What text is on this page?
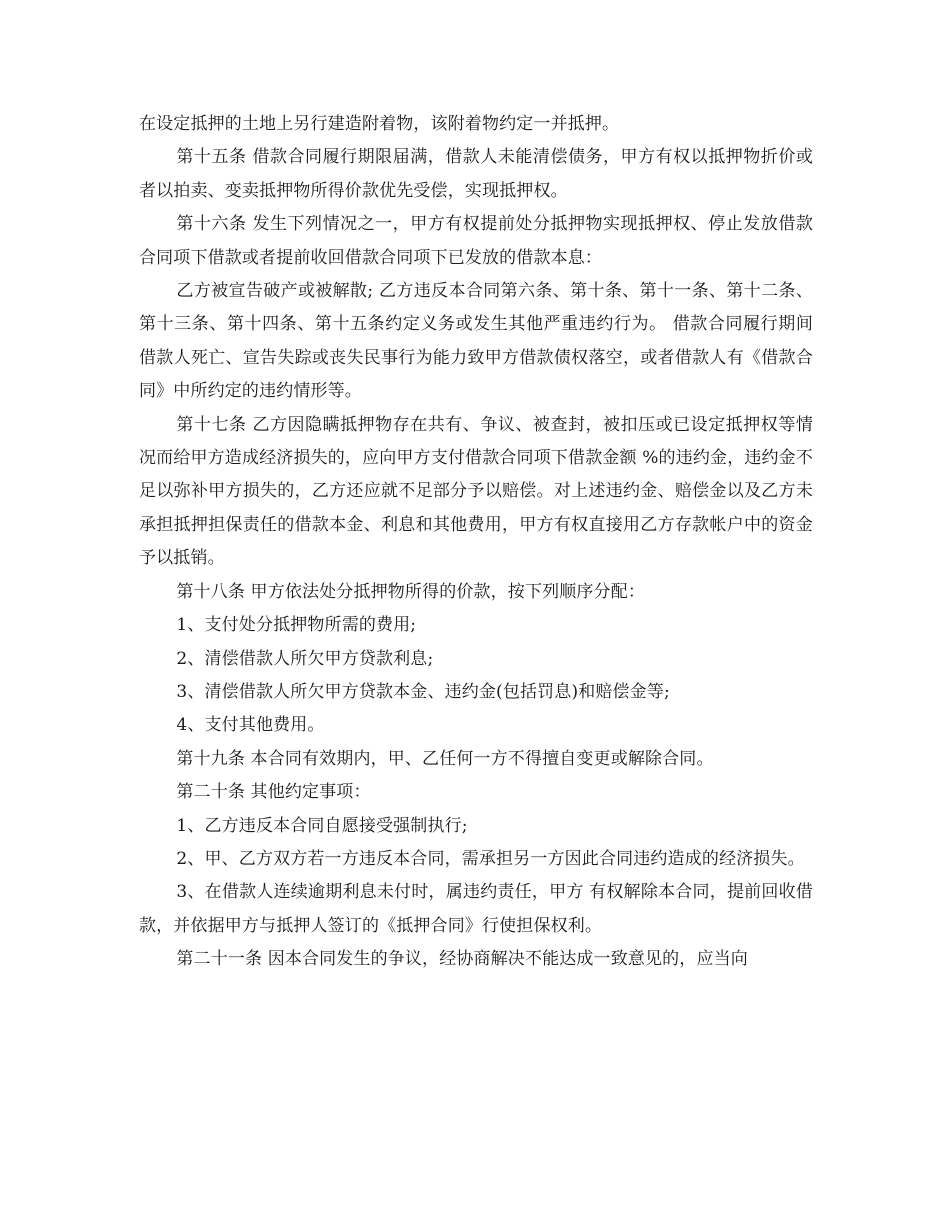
在设定抵押的土地上另行建造附着物，该附着物约定一并抵押。

第十五条 借款合同履行期限届满，借款人未能清偿债务，甲方有权以抵押物折价或者以拍卖、变卖抵押物所得价款优先受偿，实现抵押权。

第十六条 发生下列情况之一，甲方有权提前处分抵押物实现抵押权、停止发放借款合同项下借款或者提前收回借款合同项下已发放的借款本息：

乙方被宣告破产或被解散; 乙方违反本合同第六条、第十条、第十一条、第十二条、第十三条、第十四条、第十五条约定义务或发生其他严重违约行为。 借款合同履行期间借款人死亡、宣告失踪或丧失民事行为能力致甲方借款债权落空，或者借款人有《借款合同》中所约定的违约情形等。

第十七条 乙方因隐瞒抵押物存在共有、争议、被查封，被扣压或已设定抵押权等情况而给甲方造成经济损失的，应向甲方支付借款合同项下借款金额 %的违约金，违约金不足以弥补甲方损失的，乙方还应就不足部分予以赔偿。对上述违约金、赔偿金以及乙方未承担抵押担保责任的借款本金、利息和其他费用，甲方有权直接用乙方存款帐户中的资金予以抵销。

第十八条 甲方依法处分抵押物所得的价款，按下列顺序分配：

1、支付处分抵押物所需的费用;

2、清偿借款人所欠甲方贷款利息;

3、清偿借款人所欠甲方贷款本金、违约金(包括罚息)和赔偿金等;

4、支付其他费用。

第十九条 本合同有效期内，甲、乙任何一方不得擅自变更或解除合同。

第二十条 其他约定事项：

1、乙方违反本合同自愿接受强制执行;

2、甲、乙方双方若一方违反本合同，需承担另一方因此合同违约造成的经济损失。

3、在借款人连续逾期利息未付时，属违约责任，甲方 有权解除本合同，提前回收借款，并依据甲方与抵押人签订的《抵押合同》行使担保权利。

第二十一条 因本合同发生的争议，经协商解决不能达成一致意见的，应当向
